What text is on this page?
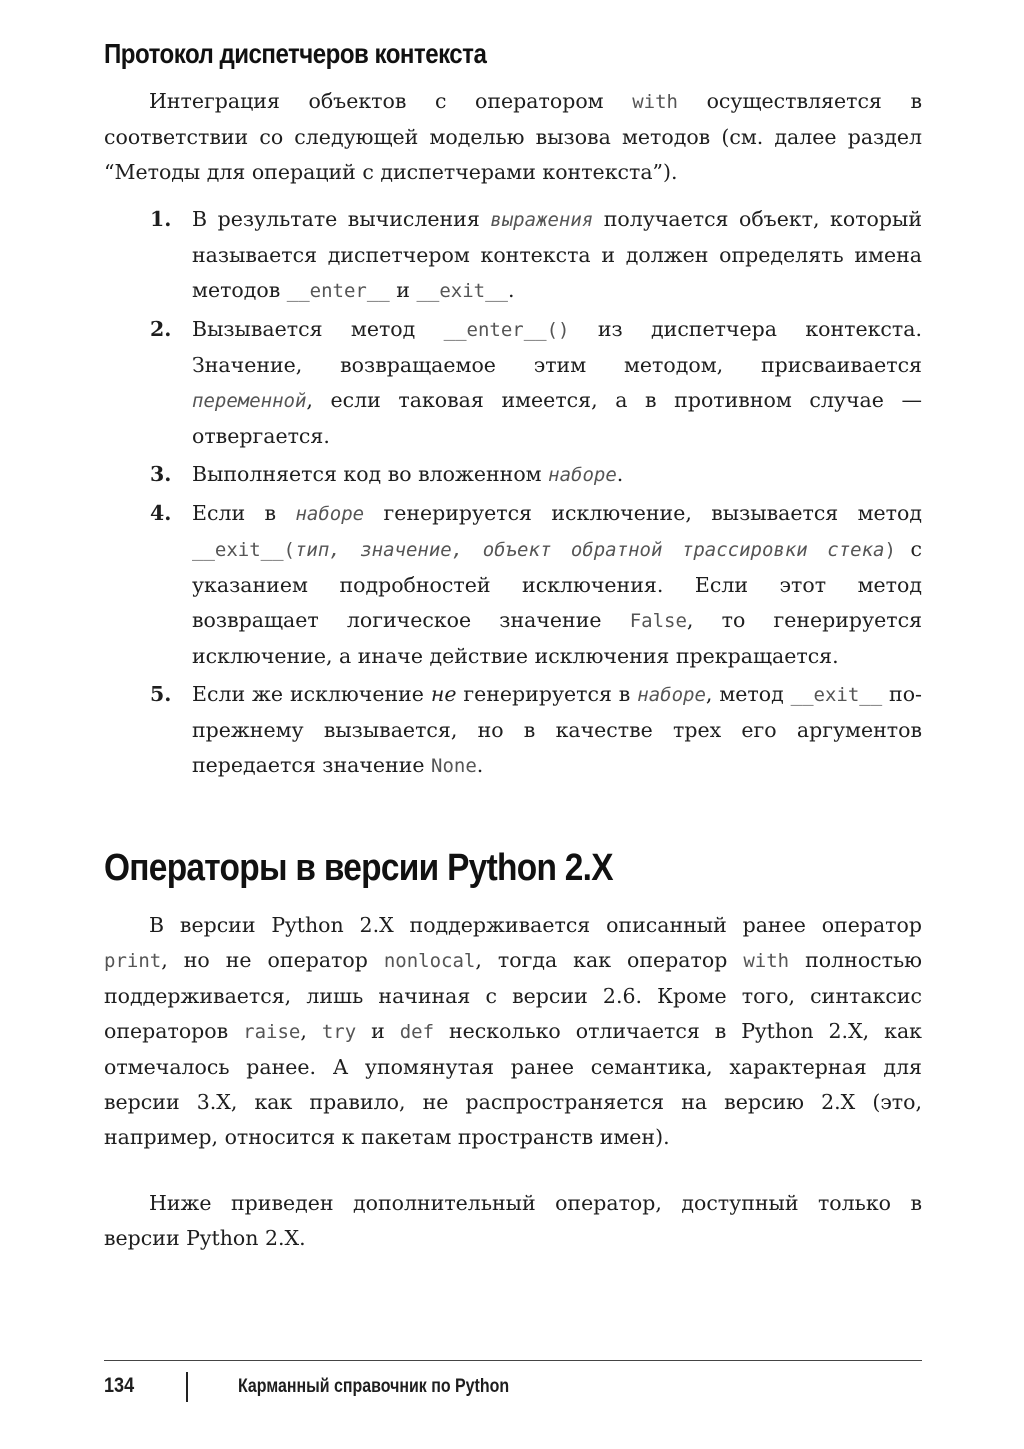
Протокол диспетчеров контекста

Интеграция объектов с оператором with осуществляется в соответствии со следующей моделью вызова методов (см. далее раздел “Методы для операций с диспетчерами контекста”).

1. В результате вычисления выражения получается объект, который называется диспетчером контекста и должен определять имена методов __enter__ и __exit__.

2. Вызывается метод __enter__() из диспетчера контекста. Значение, возвращаемое этим методом, присваивается переменной, если таковая имеется, а в противном случае — отвергается.

3. Выполняется код во вложенном наборе.

4. Если в наборе генерируется исключение, вызывается метод __exit__(тип, значение, объект обратной трассировки стека) с указанием подробностей исключения. Если этот метод возвращает логическое значение False, то генерируется исключение, а иначе действие исключения прекращается.

5. Если же исключение не генерируется в наборе, метод __exit__ по-прежнему вызывается, но в качестве трех его аргументов передается значение None.

Операторы в версии Python 2.X

В версии Python 2.X поддерживается описанный ранее оператор print, но не оператор nonlocal, тогда как оператор with полностью поддерживается, лишь начиная с версии 2.6. Кроме того, синтаксис операторов raise, try и def несколько отличается в Python 2.X, как отмечалось ранее. А упомянутая ранее семантика, характерная для версии 3.X, как правило, не распространяется на версию 2.X (это, например, относится к пакетам пространств имен).

Ниже приведен дополнительный оператор, доступный только в версии Python 2.X.

134	Карманный справочник по Python
